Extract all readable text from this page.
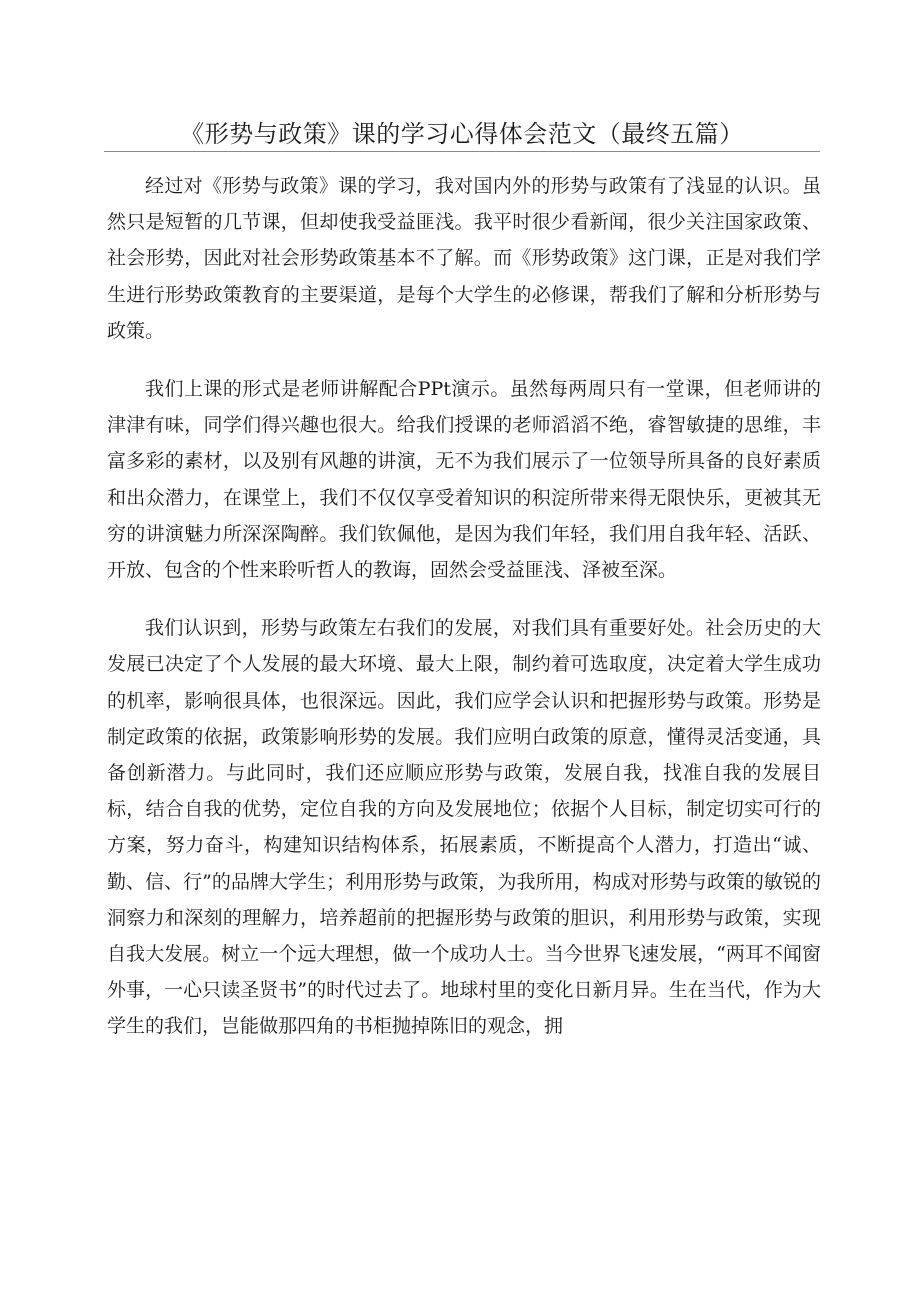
《形势与政策》课的学习心得体会范文（最终五篇）

经过对《形势与政策》课的学习，我对国内外的形势与政策有了浅显的认识。虽然只是短暂的几节课，但却使我受益匪浅。我平时很少看新闻，很少关注国家政策、社会形势，因此对社会形势政策基本不了解。而《形势政策》这门课，正是对我们学生进行形势政策教育的主要渠道，是每个大学生的必修课，帮我们了解和分析形势与政策。

我们上课的形式是老师讲解配合PPt演示。虽然每两周只有一堂课，但老师讲的津津有味，同学们得兴趣也很大。给我们授课的老师滔滔不绝，睿智敏捷的思维，丰富多彩的素材，以及别有风趣的讲演，无不为我们展示了一位领导所具备的良好素质和出众潜力，在课堂上，我们不仅仅享受着知识的积淀所带来得无限快乐，更被其无穷的讲演魅力所深深陶醉。我们钦佩他，是因为我们年轻，我们用自我年轻、活跃、开放、包含的个性来聆听哲人的教诲，固然会受益匪浅、泽被至深。

我们认识到，形势与政策左右我们的发展，对我们具有重要好处。社会历史的大发展已决定了个人发展的最大环境、最大上限，制约着可选取度，决定着大学生成功的机率，影响很具体，也很深远。因此，我们应学会认识和把握形势与政策。形势是制定政策的依据，政策影响形势的发展。我们应明白政策的原意，懂得灵活变通，具备创新潜力。与此同时，我们还应顺应形势与政策，发展自我，找准自我的发展目标，结合自我的优势，定位自我的方向及发展地位；依据个人目标，制定切实可行的方案，努力奋斗，构建知识结构体系，拓展素质，不断提高个人潜力，打造出“诚、勤、信、行”的品牌大学生；利用形势与政策，为我所用，构成对形势与政策的敏锐的洞察力和深刻的理解力，培养超前的把握形势与政策的胆识，利用形势与政策，实现自我大发展。树立一个远大理想，做一个成功人士。当今世界飞速发展，“两耳不闻窗外事，一心只读圣贤书”的时代过去了。地球村里的变化日新月异。生在当代，作为大学生的我们，岂能做那四角的书柜抛掉陈旧的观念，拥
